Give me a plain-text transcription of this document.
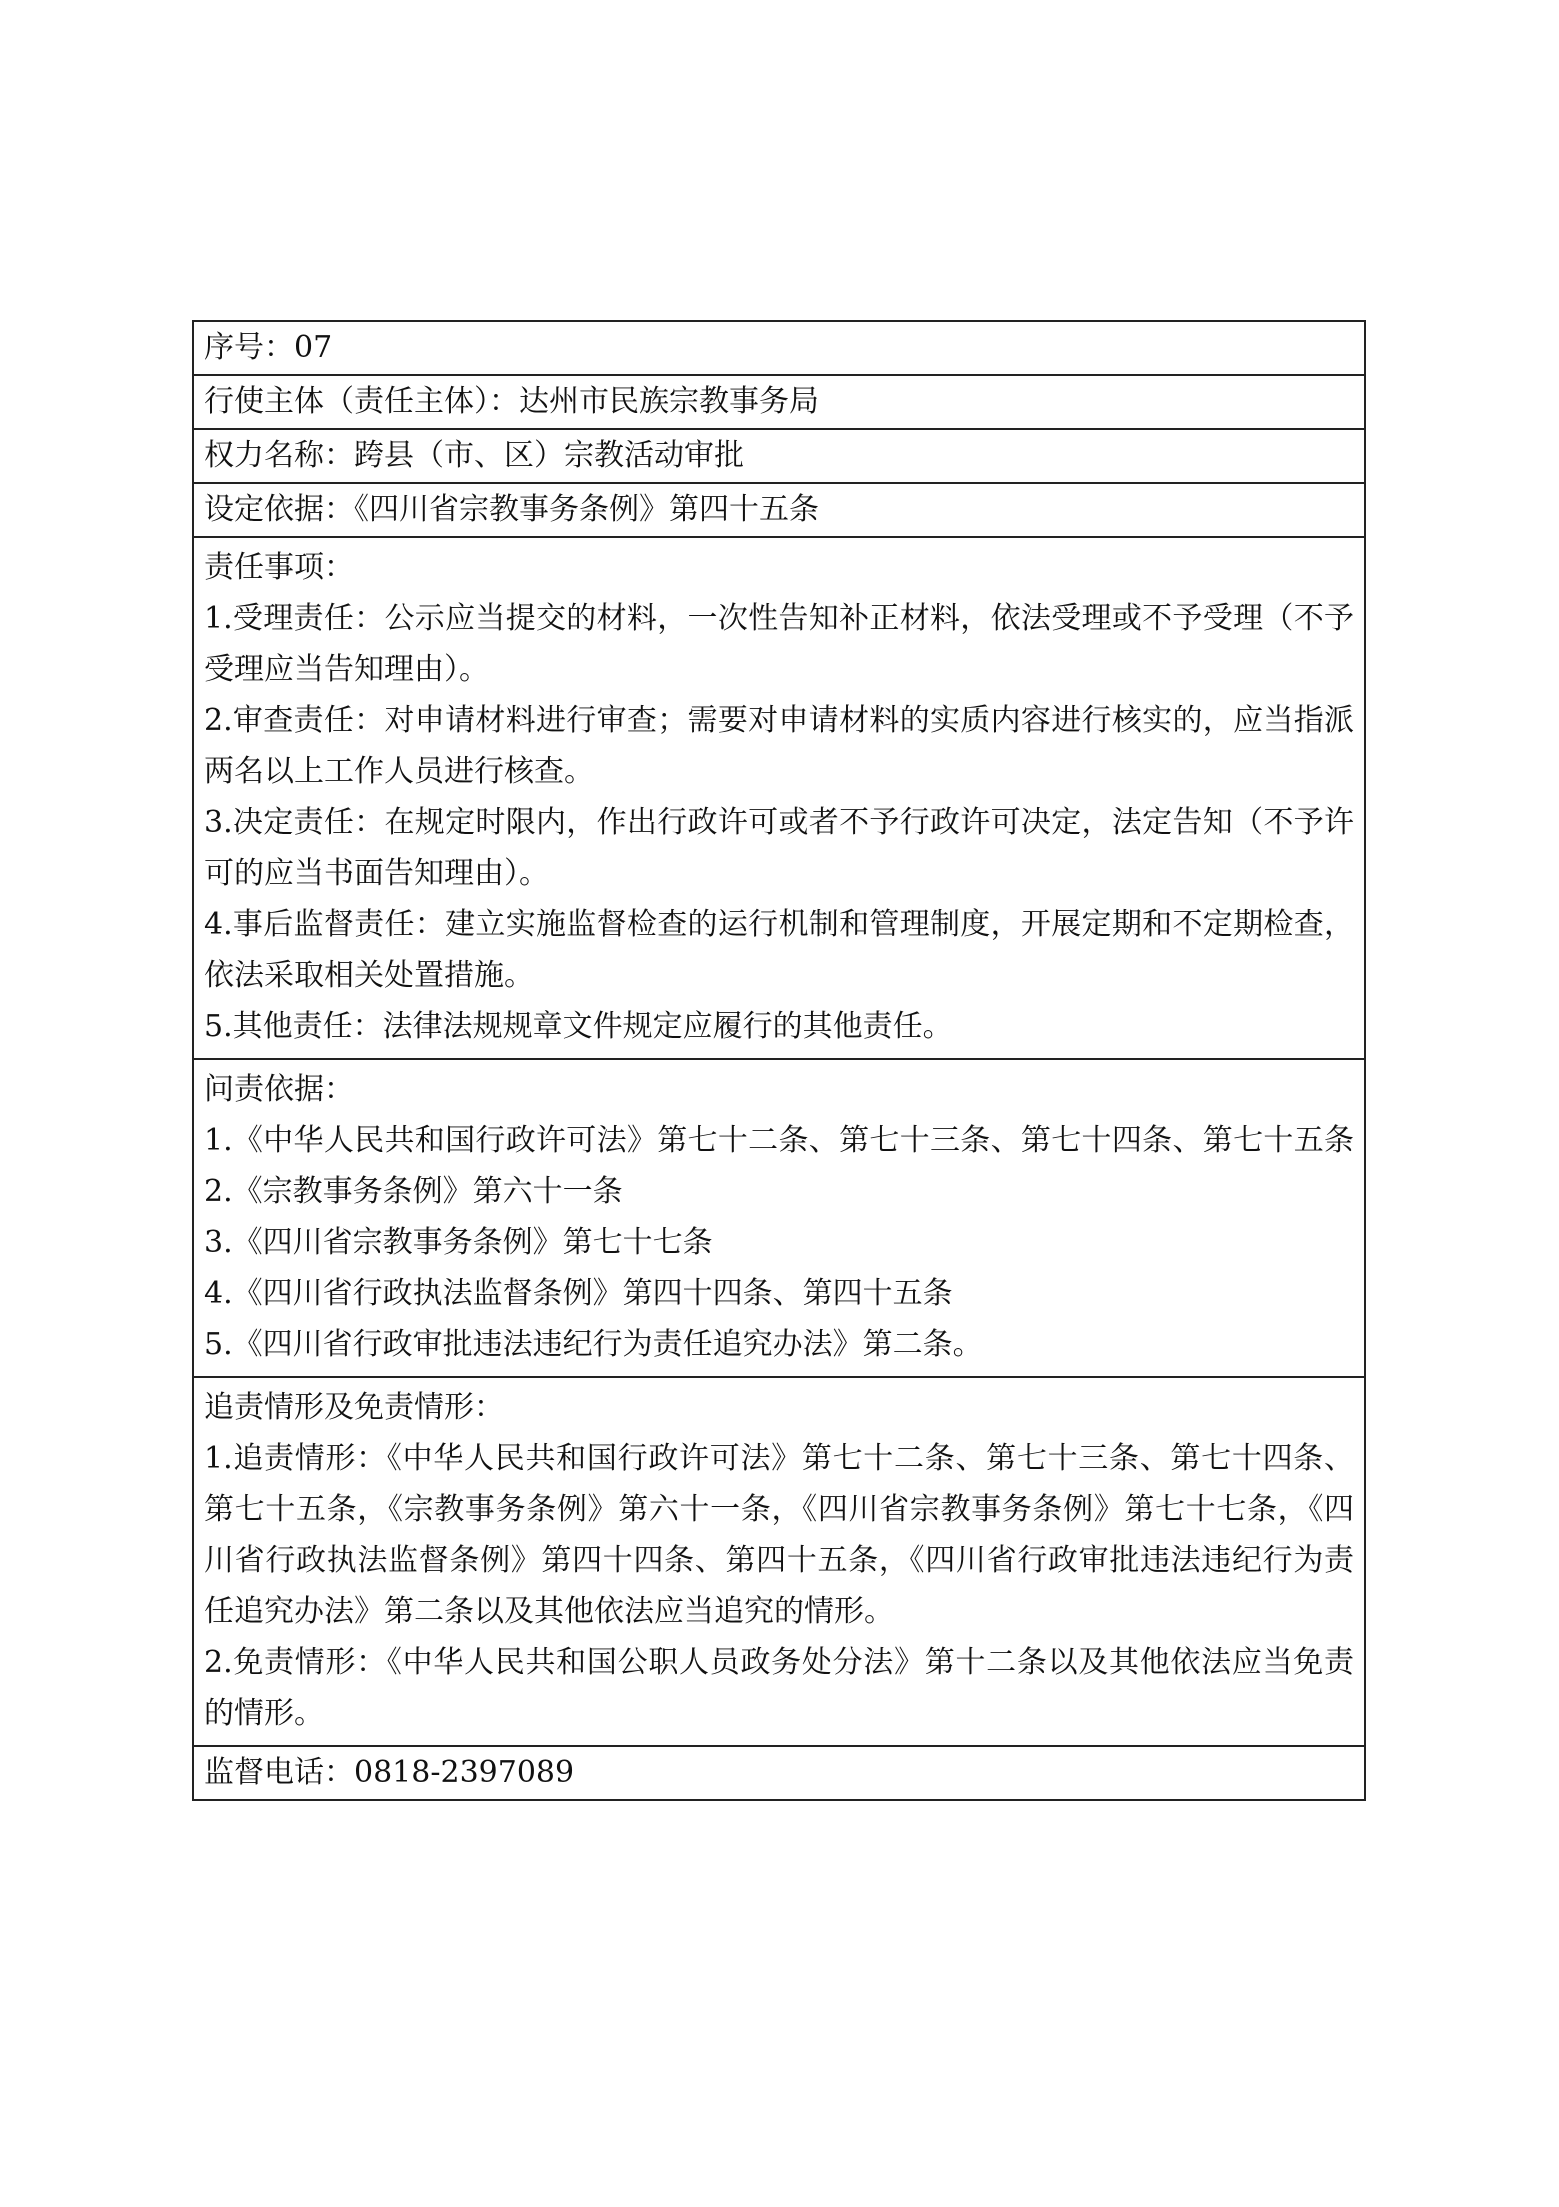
序号：07
行使主体（责任主体）：达州市民族宗教事务局
权力名称：跨县（市、区）宗教活动审批
设定依据：《四川省宗教事务条例》第四十五条

责任事项：
1.受理责任：公示应当提交的材料，一次性告知补正材料，依法受理或不予受理（不予受理应当告知理由）。
2.审查责任：对申请材料进行审查；需要对申请材料的实质内容进行核实的，应当指派两名以上工作人员进行核查。
3.决定责任：在规定时限内，作出行政许可或者不予行政许可决定，法定告知（不予许可的应当书面告知理由）。
4.事后监督责任：建立实施监督检查的运行机制和管理制度，开展定期和不定期检查，依法采取相关处置措施。
5.其他责任：法律法规规章文件规定应履行的其他责任。

问责依据：
1.《中华人民共和国行政许可法》第七十二条、第七十三条、第七十四条、第七十五条 2.《宗教事务条例》第六十一条
3.《四川省宗教事务条例》第七十七条
4.《四川省行政执法监督条例》第四十四条、第四十五条
5.《四川省行政审批违法违纪行为责任追究办法》第二条。

追责情形及免责情形：
1.追责情形：《中华人民共和国行政许可法》第七十二条、第七十三条、第七十四条、第七十五条，《宗教事务条例》第六十一条，《四川省宗教事务条例》第七十七条，《四川省行政执法监督条例》第四十四条、第四十五条，《四川省行政审批违法违纪行为责任追究办法》第二条以及其他依法应当追究的情形。
2.免责情形：《中华人民共和国公职人员政务处分法》第十二条以及其他依法应当免责的情形。

监督电话：0818-2397089
